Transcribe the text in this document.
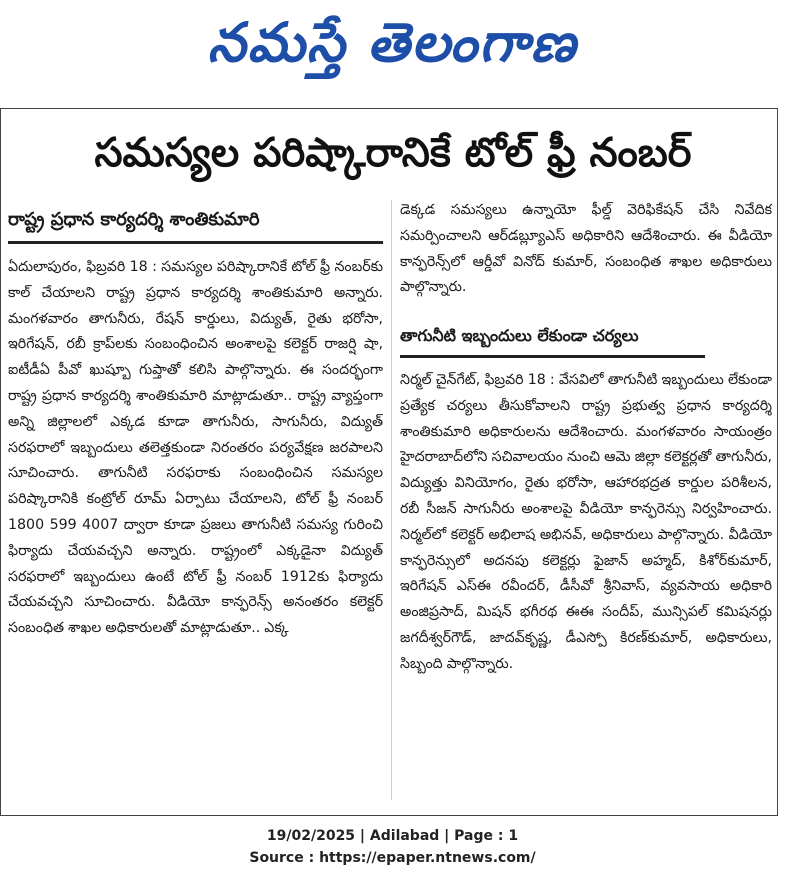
నమస్తే తెలంగాణ
సమస్యల పరిష్కారానికే టోల్ ఫ్రీ నంబర్
రాష్ట్ర ప్రధాన కార్యదర్శి శాంతికుమారి
ఏదులాపురం, ఫిబ్రవరి 18 : సమస్యల పరిష్కారానికే టోల్ ఫ్రీ నంబర్‌కు కాల్ చేయాలని రాష్ట్ర ప్రధాన కార్యదర్శి శాంతికుమారి అన్నారు. మంగళవారం తాగునీరు, రేషన్ కార్డులు, విద్యుత్, రైతు భరోసా, ఇరిగేషన్, రబీ క్రాప్‌లకు సంబంధించిన అంశాలపై కలెక్టర్ రాజర్షి షా, ఐటీడీఏ పీవో ఖుష్బూ గుప్తాతో కలిసి పాల్గొన్నారు. ఈ సందర్భంగా రాష్ట్ర ప్రధాన కార్యదర్శి శాంతికుమారి మాట్లాడుతూ.. రాష్ట్ర వ్యాప్తంగా అన్ని జిల్లాలలో ఎక్కడ కూడా తాగునీరు, సాగునీరు, విద్యుత్ సరఫరాలో ఇబ్బందులు తలెత్తకుండా నిరంతరం పర్యవేక్షణ జరపాలని సూచించారు. తాగునీటి సరఫరాకు సంబంధించిన సమస్యల పరిష్కారానికి కంట్రోల్ రూమ్ ఏర్పాటు చేయాలని, టోల్ ఫ్రీ నంబర్ 1800 599 4007 ద్వారా కూడా ప్రజలు తాగునీటి సమస్య గురించి ఫిర్యాదు చేయవచ్చని అన్నారు. రాష్ట్రంలో ఎక్కడైనా విద్యుత్ సరఫరాలో ఇబ్బందులు ఉంటే టోల్ ఫ్రీ నంబర్ 1912కు ఫిర్యాదు చేయవచ్చని సూచించారు. వీడియో కాన్ఫరెన్స్ అనంతరం కలెక్టర్ సంబంధిత శాఖల అధికారులతో మాట్లాడుతూ.. ఎక్క
డెక్కడ సమస్యలు ఉన్నాయో ఫీల్డ్ వెరిఫికేషన్ చేసి నివేదిక సమర్పించాలని ఆర్‌డబ్ల్యూఎస్ అధికారిని ఆదేశించారు. ఈ వీడియో కాన్ఫరెన్స్‌లో ఆర్డీవో వినోద్ కుమార్, సంబంధిత శాఖల అధికారులు పాల్గొన్నారు.
తాగునీటి ఇబ్బందులు లేకుండా చర్యలు
నిర్మల్ చైన్‌గేట్, ఫిబ్రవరి 18 : వేసవిలో తాగునీటి ఇబ్బందులు లేకుండా ప్రత్యేక చర్యలు తీసుకోవాలని రాష్ట్ర ప్రభుత్వ ప్రధాన కార్యదర్శి శాంతికుమారి అధికారులను ఆదేశించారు. మంగళవారం సాయంత్రం హైదరాబాద్‌లోని సచివాలయం నుంచి ఆమె జిల్లా కలెక్టర్లతో తాగునీరు, విద్యుత్తు వినియోగం, రైతు భరోసా, ఆహారభద్రత కార్డుల పరిశీలన, రబీ సీజన్ సాగునీరు అంశాలపై వీడియో కాన్ఫరెన్సు నిర్వహించారు. నిర్మల్‌లో కలెక్టర్ అభిలాష అభినవ్, అధికారులు పాల్గొన్నారు. వీడియో కాన్ఫరెన్సులో అదనపు కలెక్టర్లు ఫైజాన్ అహ్మద్, కిశోర్‌కుమార్, ఇరిగేషన్ ఎస్ఈ రవీందర్, డీసీవో శ్రీనివాస్, వ్యవసాయ అధికారి అంజిప్రసాద్, మిషన్ భగీరథ ఈఈ సందీప్, మున్సిపల్ కమిషనర్లు జగదీశ్వర్‌గౌడ్, జాదవ్‌కృష్ణ, డీఎస్పో కిరణ్‌కుమార్, అధికారులు, సిబ్బంది పాల్గొన్నారు.
19/02/2025 | Adilabad | Page : 1
Source : https://epaper.ntnews.com/
